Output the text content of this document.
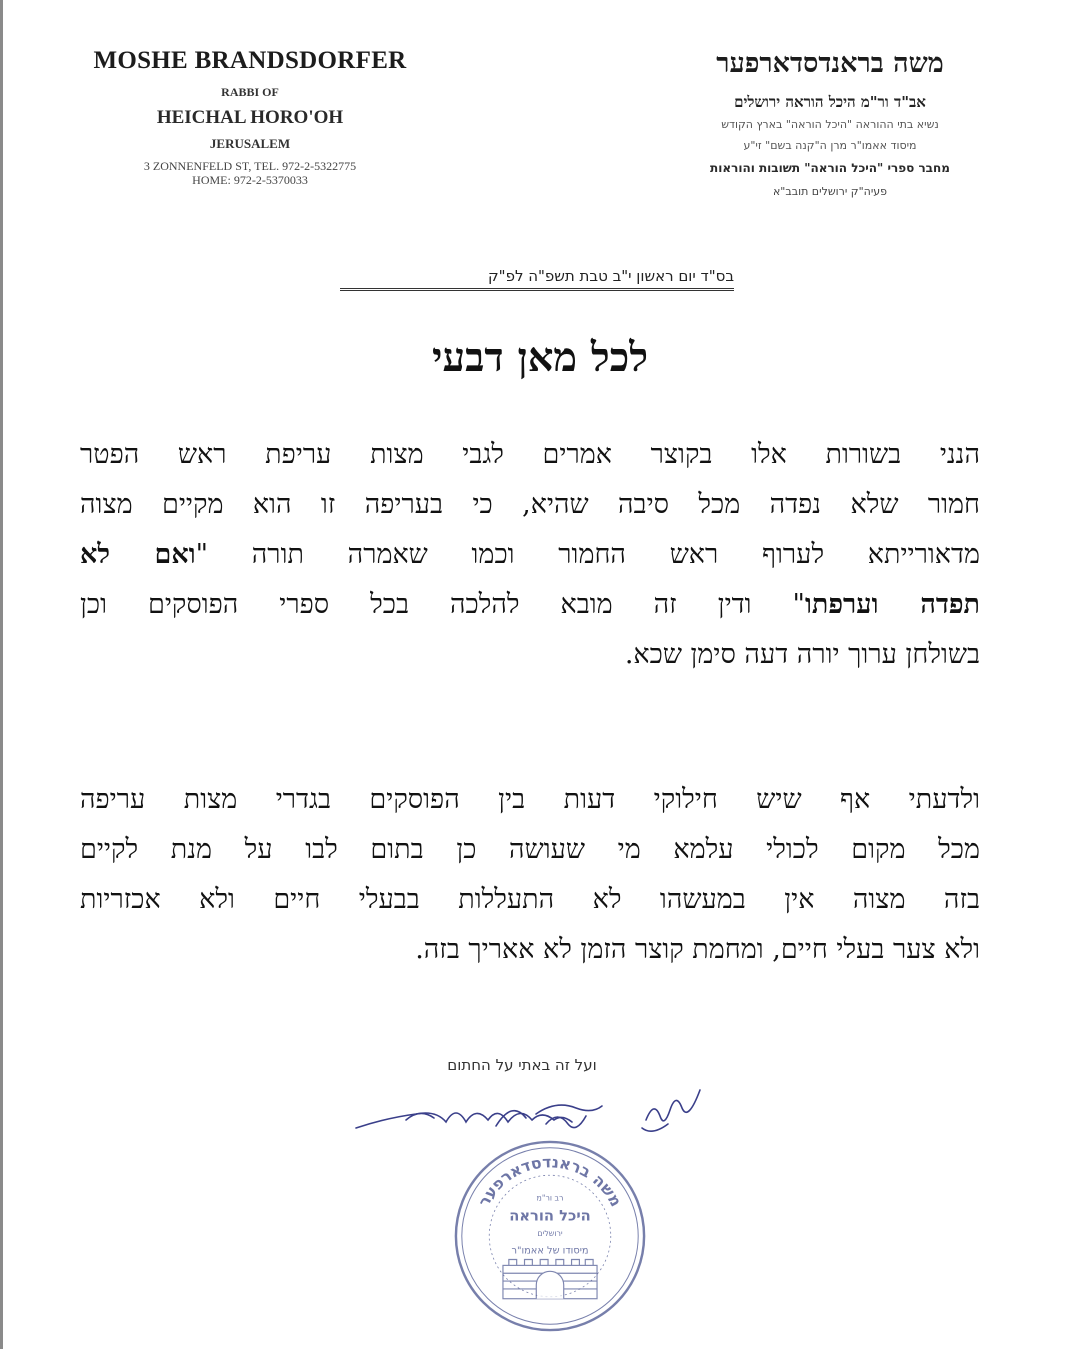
MOSHE BRANDSDORFER
RABBI OF
HEICHAL HORO'OH
JERUSALEM
3 ZONNENFELD ST, TEL. 972-2-5322775
HOME: 972-2-5370033
משה בראנדסדארפער
אב"ד ור"מ היכל הוראה ירושלים
נשיא בתי ההוראה "היכל הוראה" בארץ הקודש
מיסוד אאמו"ר מרן ה"קנה בשם" זי"ע
מחבר ספרי "היכל הוראה" תשובות והוראות
פעיה"ק ירושלים תובב"א
בס"ד יום ראשון י"ב טבת תשפ"ה לפ"ק
לכל מאן דבעי
הנני בשורות אלו בקוצר אמרים לגבי מצות עריפת ראש הפטר
חמור שלא נפדה מכל סיבה שהיא, כי בעריפה זו הוא מקיים מצוה
מדאורייתא לערוף ראש החמור וכמו שאמרה תורה "ואם לא
תפדה וערפתו" ודין זה מובא להלכה בכל ספרי הפוסקים וכן
בשולחן ערוך יורה דעה סימן שכא.
ולדעתי אף שיש חילוקי דעות בין הפוסקים בגדרי מצות עריפה
מכל מקום לכולי עלמא מי שעושה כן בתום לבו על מנת לקיים
בזה מצוה אין במעשהו לא התעללות בבעלי חיים ולא אכזריות
ולא צער בעלי חיים, ומחמת קוצר הזמן לא אאריך בזה.
ועל זה באתי על החתום
משה בראנדסדארפער
רב ור"מ
היכל הוראה
ירושלים
מיסודו של אאמו"ר
